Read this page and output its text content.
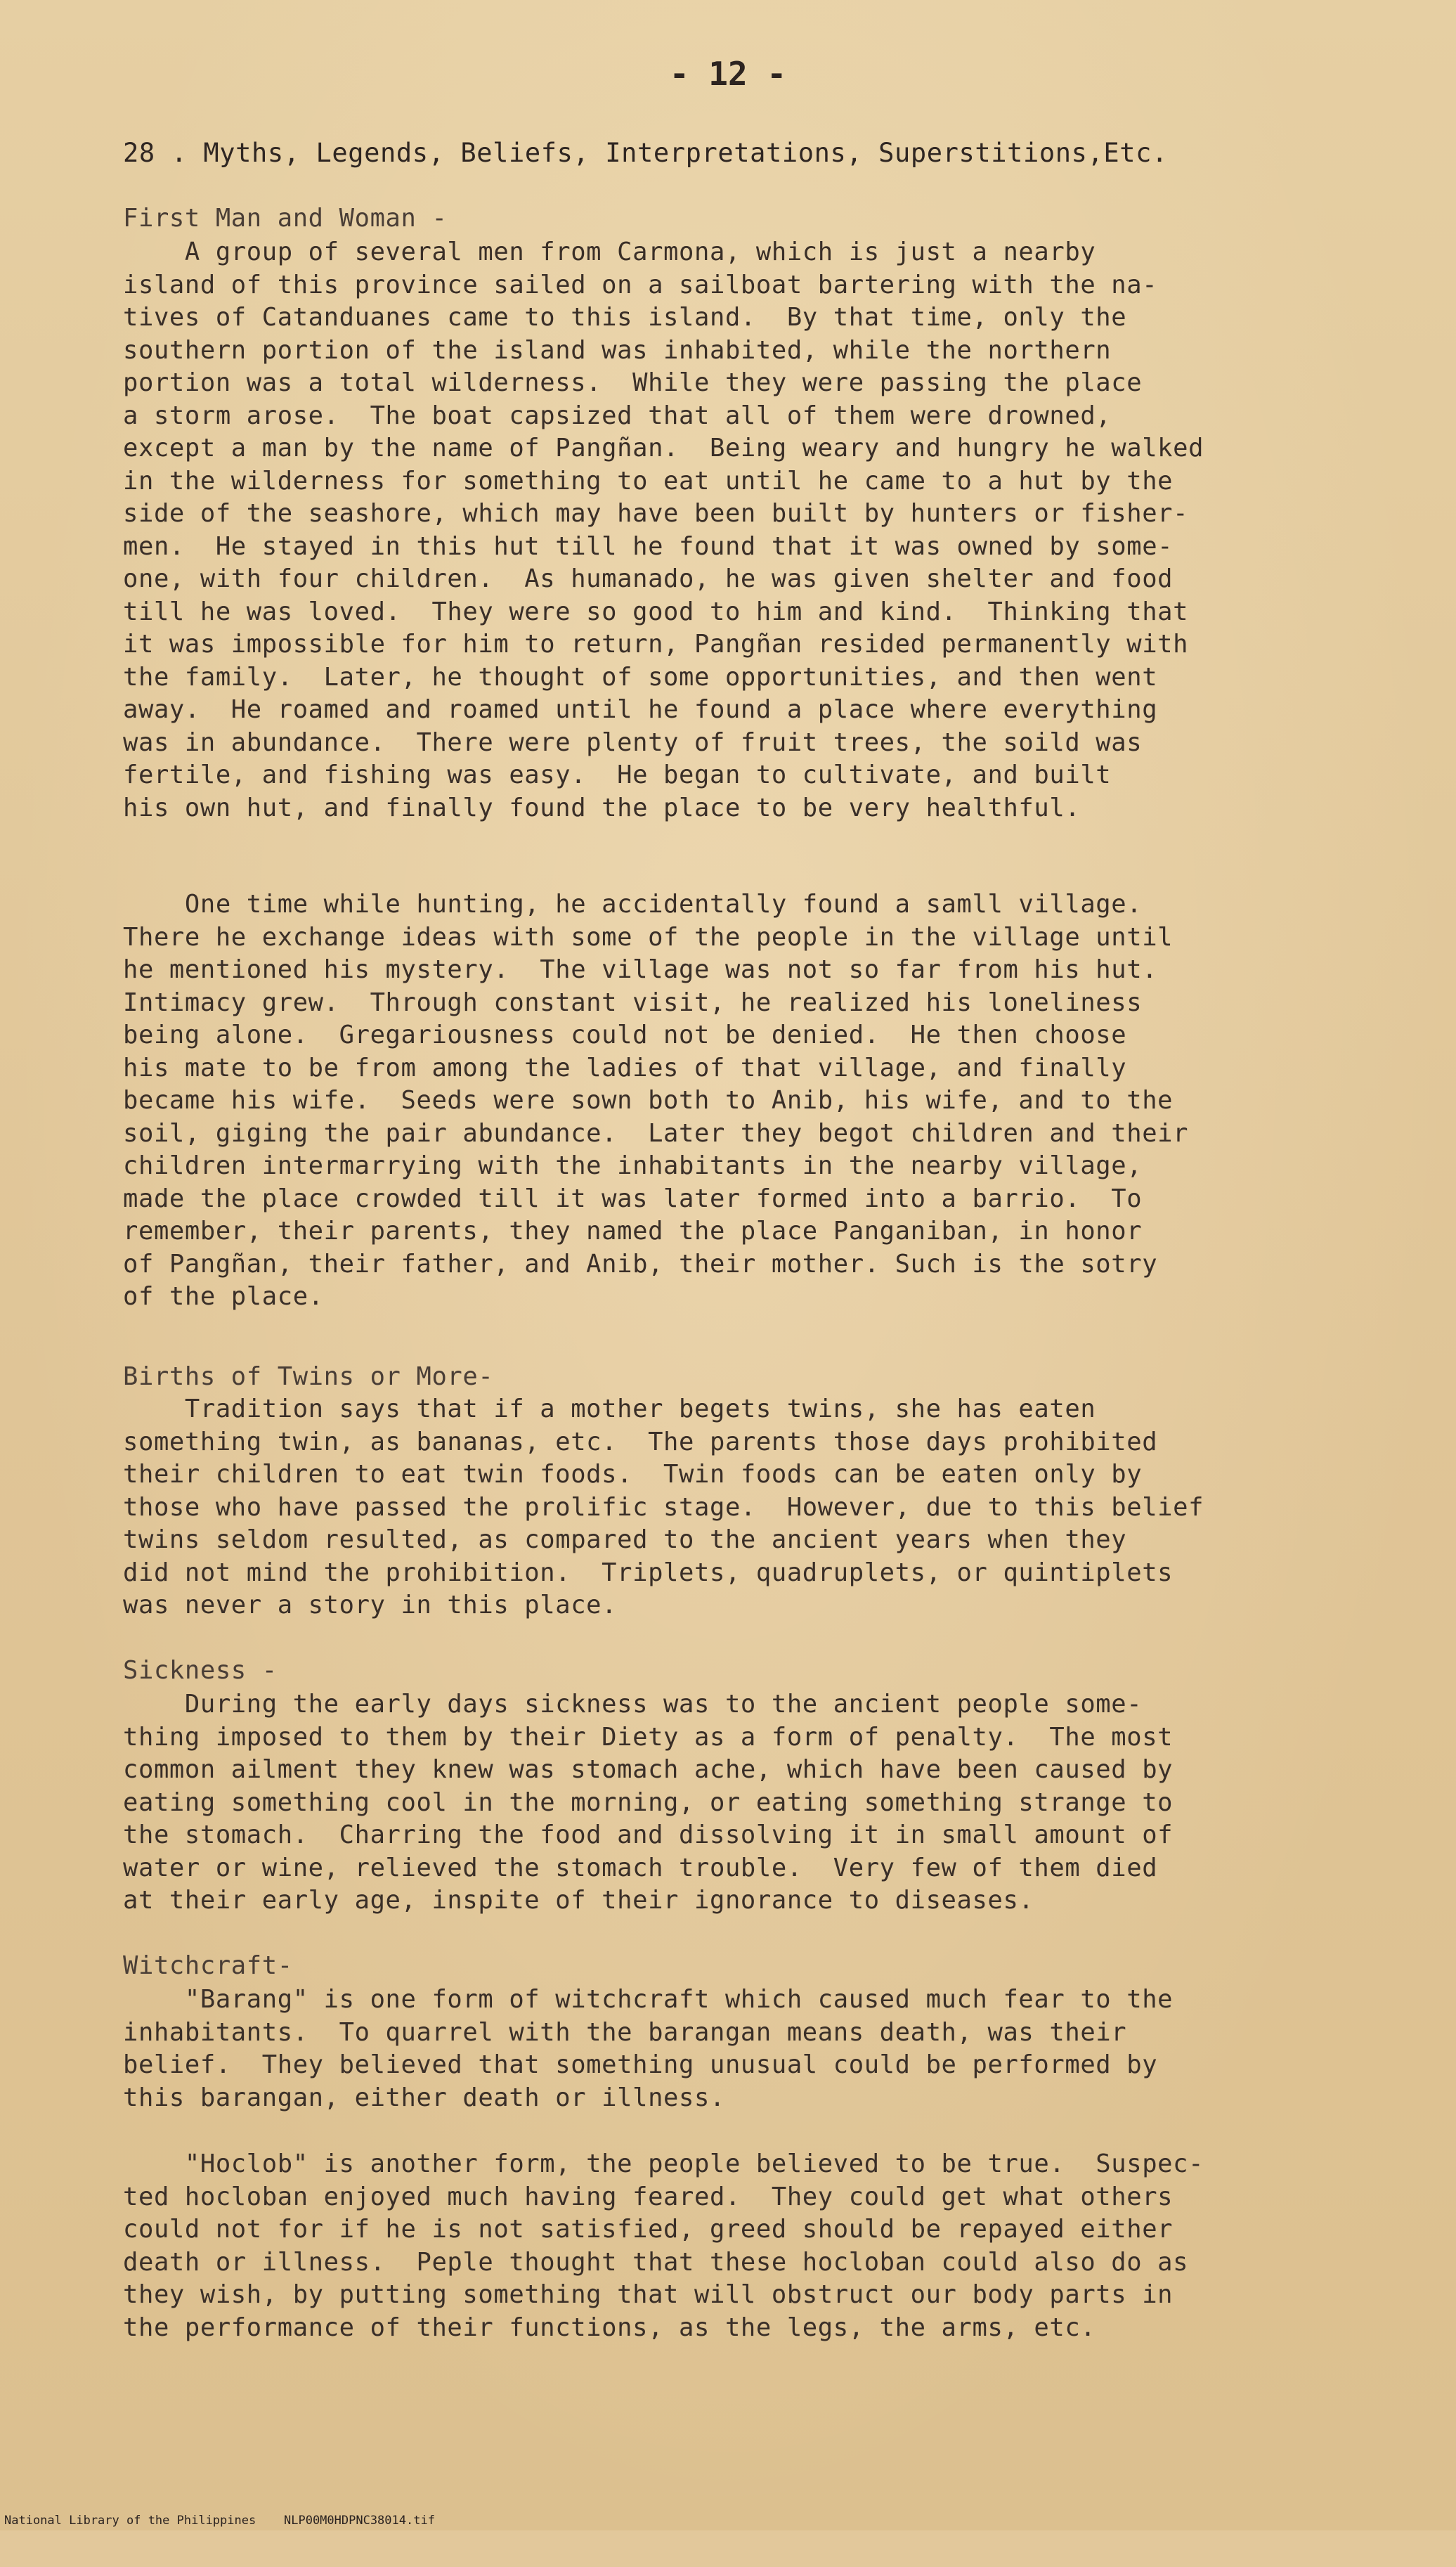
- 12 -
28 . Myths, Legends, Beliefs, Interpretations, Superstitions,Etc.
First Man and Woman -
A group of several men from Carmona, which is just a nearby
island of this province sailed on a sailboat bartering with the na-
tives of Catanduanes came to this island.  By that time, only the
southern portion of the island was inhabited, while the northern
portion was a total wilderness.  While they were passing the place
a storm arose.  The boat capsized that all of them were drowned,
except a man by the name of Pangñan.  Being weary and hungry he walked
in the wilderness for something to eat until he came to a hut by the
side of the seashore, which may have been built by hunters or fisher-
men.  He stayed in this hut till he found that it was owned by some-
one, with four children.  As humanado, he was given shelter and food
till he was loved.  They were so good to him and kind.  Thinking that
it was impossible for him to return, Pangñan resided permanently with
the family.  Later, he thought of some opportunities, and then went
away.  He roamed and roamed until he found a place where everything
was in abundance.  There were plenty of fruit trees, the soild was
fertile, and fishing was easy.  He began to cultivate, and built
his own hut, and finally found the place to be very healthful.
One time while hunting, he accidentally found a samll village.
There he exchange ideas with some of the people in the village until
he mentioned his mystery.  The village was not so far from his hut.
Intimacy grew.  Through constant visit, he realized his loneliness
being alone.  Gregariousness could not be denied.  He then choose
his mate to be from among the ladies of that village, and finally
became his wife.  Seeds were sown both to Anib, his wife, and to the
soil, giging the pair abundance.  Later they begot children and their
children intermarrying with the inhabitants in the nearby village,
made the place crowded till it was later formed into a barrio.  To
remember, their parents, they named the place Panganiban, in honor
of Pangñan, their father, and Anib, their mother. Such is the sotry
of the place.
Births of Twins or More-
Tradition says that if a mother begets twins, she has eaten
something twin, as bananas, etc.  The parents those days prohibited
their children to eat twin foods.  Twin foods can be eaten only by
those who have passed the prolific stage.  However, due to this belief
twins seldom resulted, as compared to the ancient years when they
did not mind the prohibition.  Triplets, quadruplets, or quintiplets
was never a story in this place.
Sickness -
During the early days sickness was to the ancient people some-
thing imposed to them by their Diety as a form of penalty.  The most
common ailment they knew was stomach ache, which have been caused by
eating something cool in the morning, or eating something strange to
the stomach.  Charring the food and dissolving it in small amount of
water or wine, relieved the stomach trouble.  Very few of them died
at their early age, inspite of their ignorance to diseases.
Witchcraft-
"Barang" is one form of witchcraft which caused much fear to the
inhabitants.  To quarrel with the barangan means death, was their
belief.  They believed that something unusual could be performed by
this barangan, either death or illness.
"Hoclob" is another form, the people believed to be true.  Suspec-
ted hocloban enjoyed much having feared.  They could get what others
could not for if he is not satisfied, greed should be repayed either
death or illness.  Peple thought that these hocloban could also do as
they wish, by putting something that will obstruct our body parts in
the performance of their functions, as the legs, the arms, etc.

National Library of the Philippines

NLP00M0HDPNC38014.tif
